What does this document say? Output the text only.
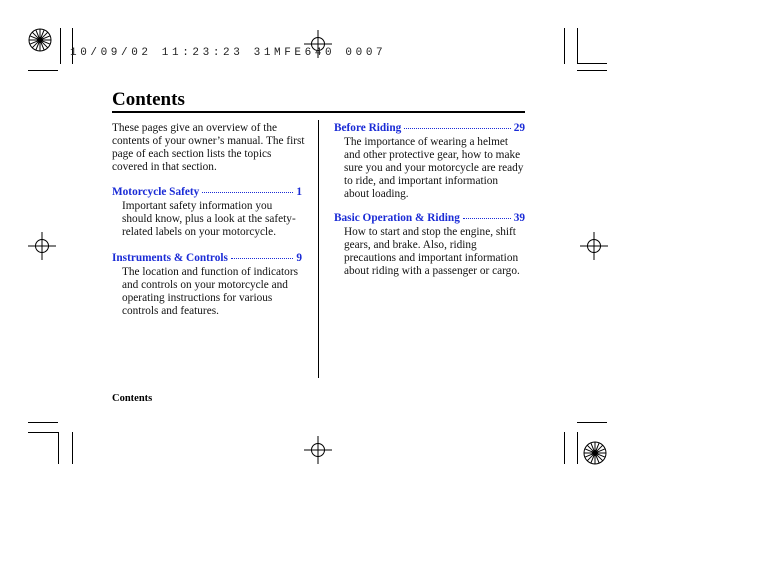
10/09/02 11:23:23 31MFE640 0007
Contents
These pages give an overview of the contents of your owner’s manual. The first page of each section lists the topics covered in that section.
Motorcycle Safety	1
Important safety information you should know, plus a look at the safety-related labels on your motorcycle.
Instruments & Controls	9
The location and function of indicators and controls on your motorcycle and operating instructions for various controls and features.
Before Riding	29
The importance of wearing a helmet and other protective gear, how to make sure you and your motorcycle are ready to ride, and important information about loading.
Basic Operation & Riding	39
How to start and stop the engine, shift gears, and brake. Also, riding precautions and important information about riding with a passenger or cargo.
Contents
